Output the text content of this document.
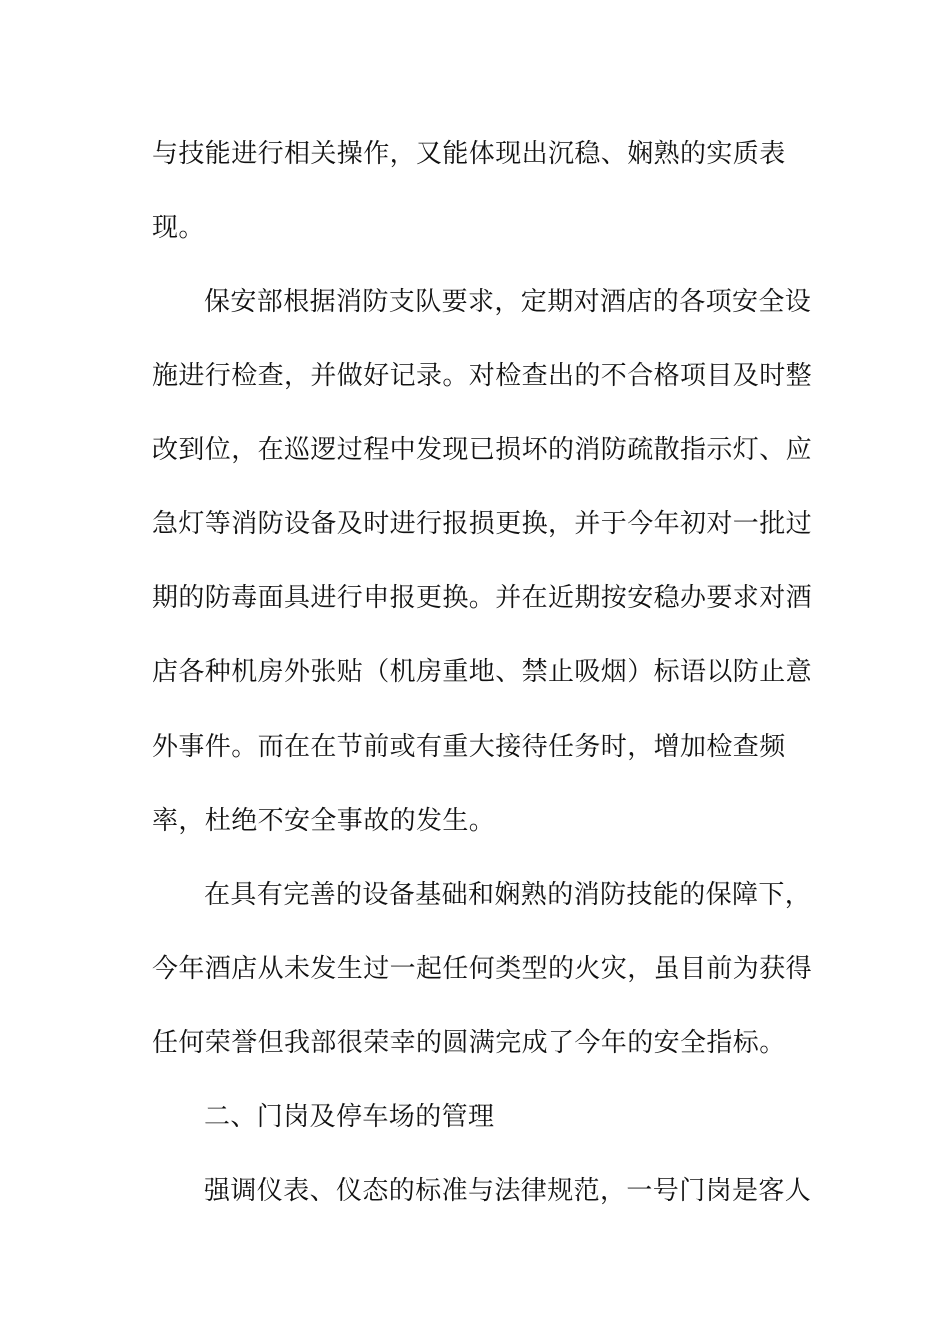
与技能进行相关操作，又能体现出沉稳、娴熟的实质表
现。
保安部根据消防支队要求，定期对酒店的各项安全设
施进行检查，并做好记录。对检查出的不合格项目及时整
改到位，在巡逻过程中发现已损坏的消防疏散指示灯、应
急灯等消防设备及时进行报损更换，并于今年初对一批过
期的防毒面具进行申报更换。并在近期按安稳办要求对酒
店各种机房外张贴（机房重地、禁止吸烟）标语以防止意
外事件。而在在节前或有重大接待任务时，增加检查频
率，杜绝不安全事故的发生。
在具有完善的设备基础和娴熟的消防技能的保障下，
今年酒店从未发生过一起任何类型的火灾，虽目前为获得
任何荣誉但我部很荣幸的圆满完成了今年的安全指标。
二、门岗及停车场的管理
强调仪表、仪态的标准与法律规范，一号门岗是客人
